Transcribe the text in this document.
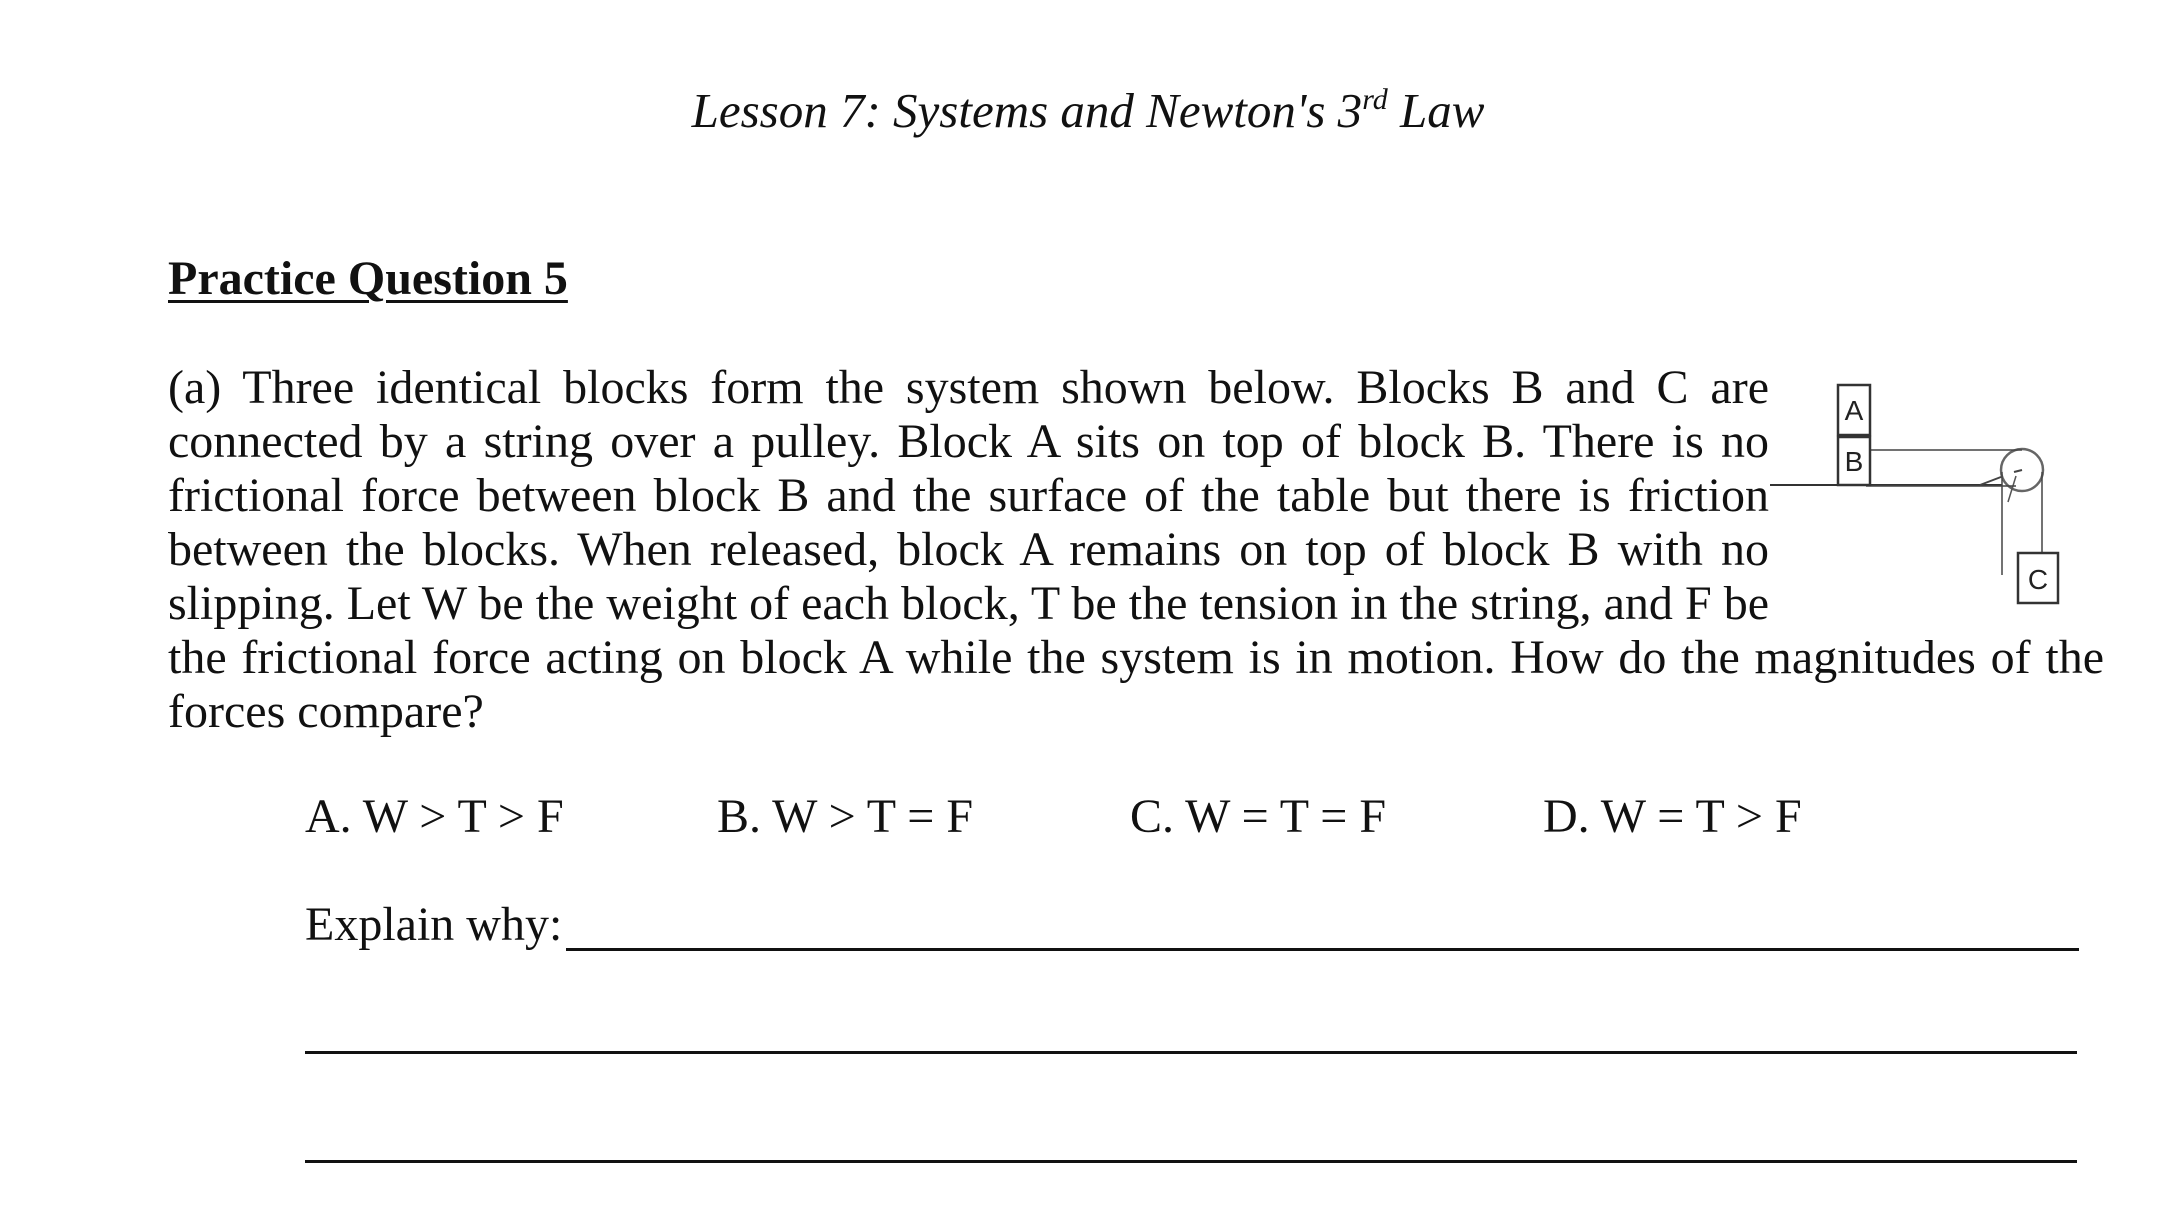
Lesson 7: Systems and Newton's 3rd Law
Practice Question 5
(a) Three identical blocks form the system shown below. Blocks B and C are
connected by a string over a pulley. Block A sits on top of block B. There is no
frictional force between block B and the surface of the table but there is friction
between the blocks. When released, block A remains on top of block B with no
slipping. Let W be the weight of each block, T be the tension in the string, and F be
the frictional force acting on block A while the system is in motion. How do the magnitudes of the
forces compare?
A
B
C
A. W > T > F	B. W > T = F	C. W = T = F	D. W = T > F
Explain why:
